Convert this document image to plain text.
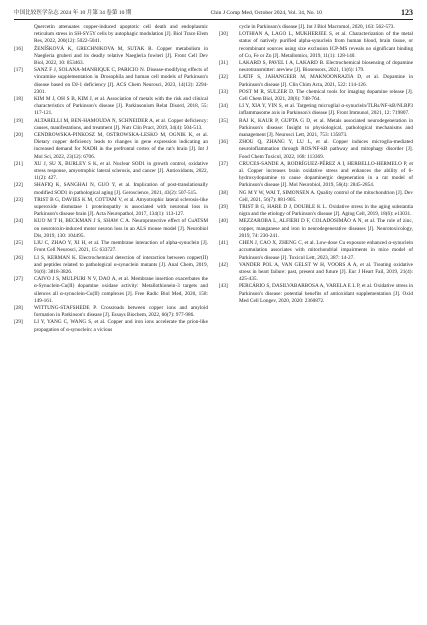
中国比较医学杂志 2024 年 10 月第 34 卷第 10 期	Chin J Comp Med, October 2024, Vol. 34, No. 10	123

Quercetin attenuates copper-induced apoptotic cell death and endoplasmic reticulum stress in SH-SY5Y cells by autophagic modulation [J]. Biol Trace Elem Res, 2022, 200(12): 5022-5041.

[16]	ŽENÍŠKOVÁ K, GRECHNIKOVA M, SUTAK R. Copper metabolism in Naegleria gruberi and its deadly relative Naegleria fowleri [J]. Front Cell Dev Biol, 2022, 10: 853463.
[17]	SANZ F J, SOLANA-MANRIQUE C, PARICIO N. Disease-modifying effects of vincamine supplementation in Drosophila and human cell models of Parkinson's disease based on DJ-1 deficiency [J]. ACS Chem Neurosci, 2023, 14(12): 2294-2301.
[18]	KIM M J, OH S B, KIM J, et al. Association of metals with the risk and clinical characteristics of Parkinson's disease [J]. Parkinsonism Relat Disord, 2018, 55: 117-121.
[19]	ALTARELLI M, BEN-HAMOUDA N, SCHNEIDER A, et al. Copper deficiency: causes, manifestations, and treatment [J]. Nutr Clin Pract, 2019, 34(4): 504-513.
[20]	CENDROWSKA-PINKOSZ M, OSTROWSKA-LESKO M, OGNIK K, et al. Dietary copper deficiency leads to changes in gene expression indicating an increased demand for NADH in the prefrontal cortex of the rat's brain [J]. Int J Mol Sci, 2022, 23(12): 6706.
[21]	XU J, SU X, BURLEY S K, et al. Nuclear SOD1 in growth control, oxidative stress response, amyotrophic lateral sclerosis, and cancer [J]. Antioxidants, 2022, 11(2): 427.
[22]	SHAFIQ K, SANGHAI N, GUO Y, et al. Implication of post-translationally modified SOD1 in pathological aging [J]. Geroscience, 2021, 43(2): 507-515.
[23]	TRIST B G, DAVIES K M, COTTAM V, et al. Amyotrophic lateral sclerosis-like superoxide dismutase 1 proteinopathy is associated with neuronal loss in Parkinson's disease brain [J]. Acta Neuropathol, 2017, 134(1): 113-127.
[24]	KUO M T H, BECKMAN J S, SHAW C A. Neuroprotective effect of CuATSM on neurotoxin-induced motor neuron loss in an ALS mouse model [J]. Neurobiol Dis, 2019, 130: 104495.
[25]	LIU C, ZHAO Y, XI H, et al. The membrane interaction of alpha-synuclein [J]. Front Cell Neurosci, 2021, 15: 633727.
[26]	LI S, KERMAN K. Electrochemical detection of interaction between copper(II) and peptides related to pathological α-synuclein mutants [J]. Anal Chem, 2019, 91(6): 3818-3826.
[27]	CAIVO J S, MULPURI N V, DAO A, et al. Membrane insertion exacerbates the α-Synuclein-Cu(II) dopamine oxidase activity: Metallothionein-3 targets and silences all α-synuclein-Cu(II) complexes [J]. Free Radic Biol Med, 2020, 158: 149-161.
[28]	WITTUNG-STAFSHEDE P. Crossroads between copper ions and amyloid formation in Parkinson's disease [J]. Essays Biochem, 2022, 66(7): 977-986.
[29]	LI Y, YANG C, WANG S, et al. Copper and iron ions accelerate the prion-like propagation of α-synuclein: a vicious

cycle in Parkinson's disease [J]. Int J Biol Macromol, 2020, 163: 562-573.

[30]	LOTHIAN A, LAGO L, MUKHERJEE S, et al. Characterization of the metal status of natively purified alpha-synuclein from human blood, brain tissue, or recombinant sources using size exclusion ICP-MS reveals no significant binding of Cu, Fe or Zn [J]. Metallomics, 2019, 11(1): 128-140.
[31]	LAKARD S, PAVEL I A, LAKARD B. Electrochemical biosensing of dopamine neurotransmitter: areview [J]. Biosensors, 2021, 11(6): 179.
[32]	LATIF S, JAHANGEER M, MAKNOONRAZIA D, et al. Dopamine in Parkinson's disease [J]. Clin Chim Acta, 2021, 522: 114-126.
[33]	POST M R, SULZER D. The chemical tools for imaging dopamine release [J]. Cell Chem Biol, 2021, 28(6): 748-764.
[34]	LI Y, XIA Y, YIN S, et al. Targeting microglial α-synuclein/TLRs/NF-kB/NLRP3 inflammasome axis in Parkinson's disease [J]. Front Immunol, 2021, 12: 719807.
[35]	RAJ K, KAUR P, GUPTA G D, et al. Metals associated neurodegeneration in Parkinson's disease: Insight to physiological, pathological mechanisms and management [J]. Neurosci Lett, 2021, 753: 135873.
[36]	ZHOU Q, ZHANG Y, LU L, et al. Copper induces microglia-mediated neuroinflammation through ROS/NF-kB pathway and mitophagy disorder [J]. Food Chem Toxicol, 2022, 168: 113369.
[37]	CRUCES-SANDE A, RODRÍGUEZ-PÉREZ A I, HERBELLO-HERMELO P, et al. Copper increases brain oxidative stress and enhances the ability of 6-hydroxydopamine to cause dopaminergic degeneration in a rat model of Parkinson's disease [J]. Mol Neurobiol, 2019, 56(4): 2845-2854.
[38]	NG M Y W, WAI T, SIMONSEN A. Quality control of the mitochondrion [J]. Dev Cell, 2021, 56(7): 881-905.
[39]	TRIST B G, HARE D J, DOUBLE K L. Oxidative stress in the aging substantia nigra and the etiology of Parkinson's disease [J]. Aging Cell, 2019, 18(6): e13031.
[40]	MEZZAROBA L, ALFIERI D F, COLADOSIMÃO A N, et al. The role of zinc, copper, manganese and iron in neurodegenerative diseases [J]. Neurotoxicology, 2019, 74: 230-241.
[41]	CHEN J, CAO X, ZHENG C, et al. Low-dose Cu exposure enhanced α-synuclein accumulation associates with mitochondrial impairments in mice model of Parkinson's disease [J]. Toxicol Lett, 2023, 387: 14-27.
[42]	VANDER POL A, VAN GELST W H, VOORS A A, et al. Treating oxidative stress in heart failure: past, present and future [J]. Eur J Heart Fail, 2019, 21(4): 425-435.
[43]	PERCÁRIO S, DASILVABARBOSA A, VARELA E L P, et al. Oxidative stress in Parkinson's disease: potential benefits of antioxidant supplementation [J]. Oxid Med Cell Longev, 2020, 2020: 2360872.
